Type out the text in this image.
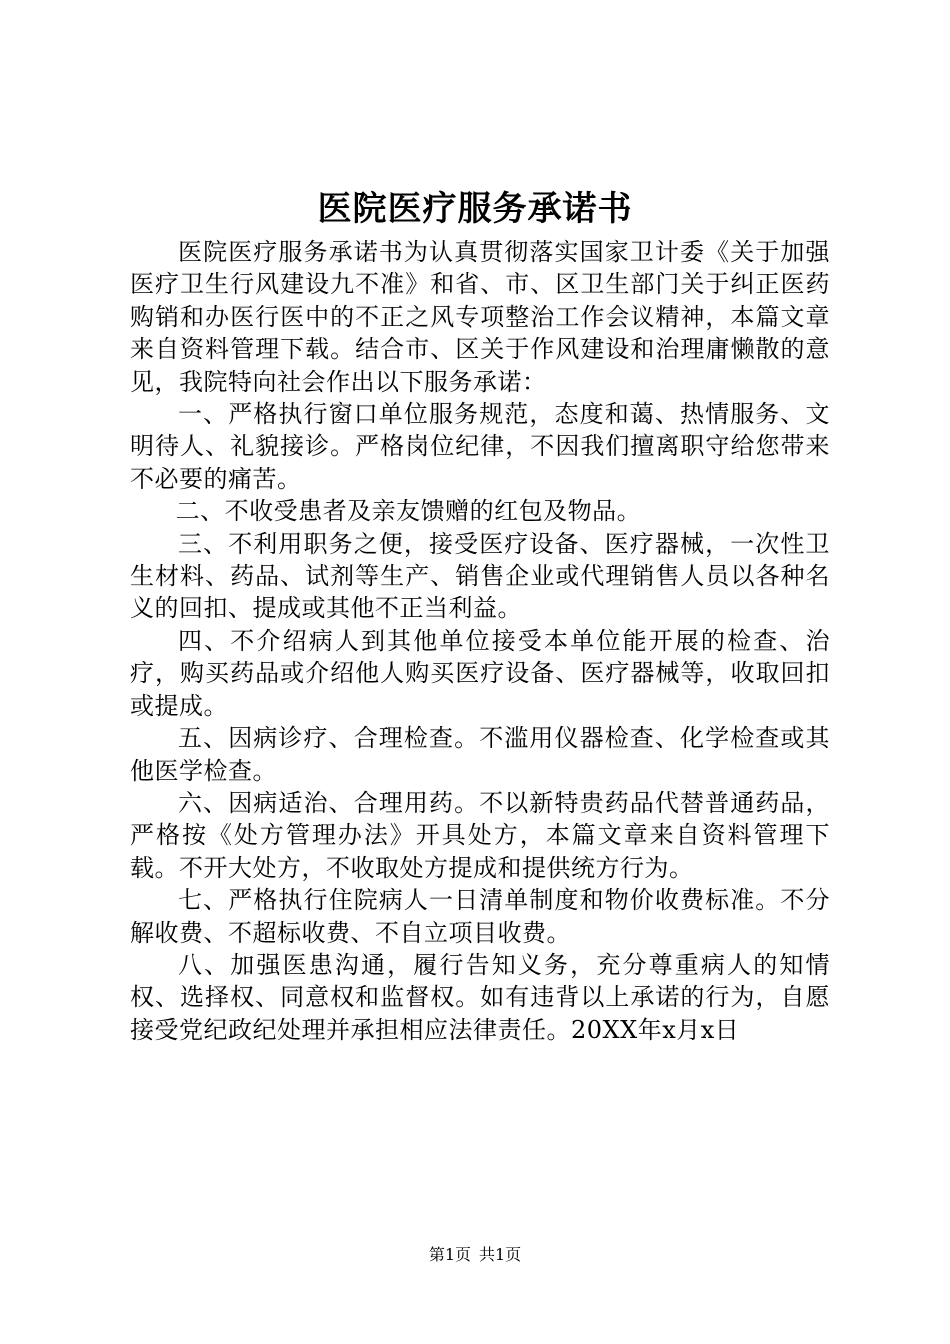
医院医疗服务承诺书

医院医疗服务承诺书为认真贯彻落实国家卫计委《关于加强医疗卫生行风建设九不准》和省、市、区卫生部门关于纠正医药购销和办医行医中的不正之风专项整治工作会议精神，本篇文章来自资料管理下载。结合市、区关于作风建设和治理庸懒散的意见，我院特向社会作出以下服务承诺：

一、严格执行窗口单位服务规范，态度和蔼、热情服务、文明待人、礼貌接诊。严格岗位纪律，不因我们擅离职守给您带来不必要的痛苦。

二、不收受患者及亲友馈赠的红包及物品。

三、不利用职务之便，接受医疗设备、医疗器械，一次性卫生材料、药品、试剂等生产、销售企业或代理销售人员以各种名义的回扣、提成或其他不正当利益。

四、不介绍病人到其他单位接受本单位能开展的检查、治疗，购买药品或介绍他人购买医疗设备、医疗器械等，收取回扣或提成。

五、因病诊疗、合理检查。不滥用仪器检查、化学检查或其他医学检查。

六、因病适治、合理用药。不以新特贵药品代替普通药品，严格按《处方管理办法》开具处方，本篇文章来自资料管理下载。不开大处方，不收取处方提成和提供统方行为。

七、严格执行住院病人一日清单制度和物价收费标准。不分解收费、不超标收费、不自立项目收费。

八、加强医患沟通，履行告知义务，充分尊重病人的知情权、选择权、同意权和监督权。如有违背以上承诺的行为，自愿接受党纪政纪处理并承担相应法律责任。20XX年x月x日

第1页 共1页
